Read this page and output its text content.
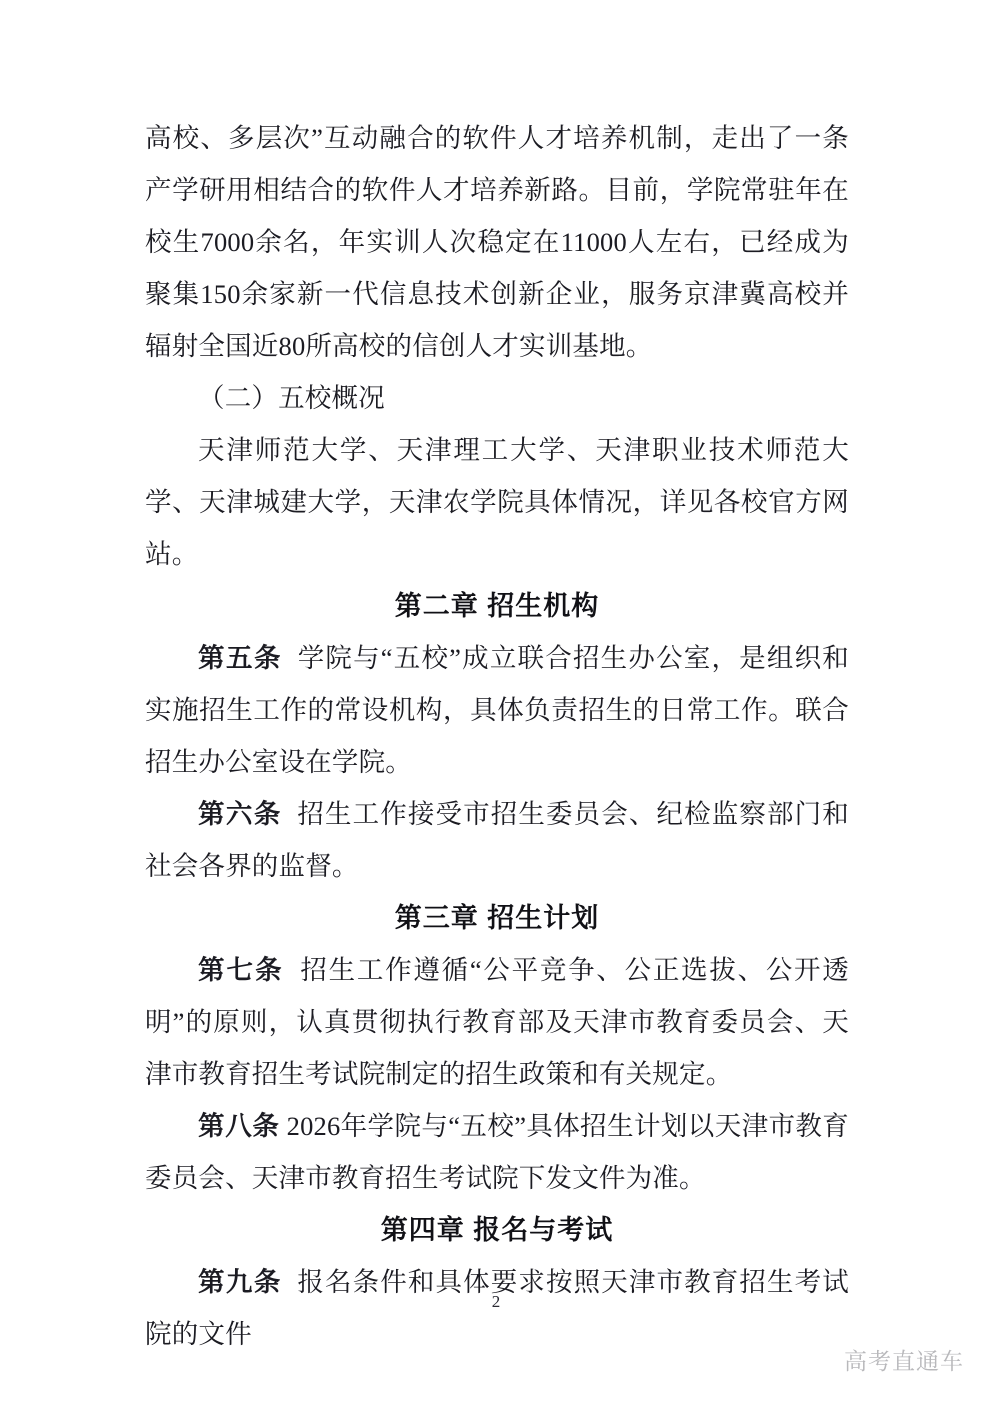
高校、多层次”互动融合的软件人才培养机制，走出了一条产学研用相结合的软件人才培养新路。目前，学院常驻年在校生7000余名，年实训人次稳定在11000人左右，已经成为聚集150余家新一代信息技术创新企业，服务京津冀高校并辐射全国近80所高校的信创人才实训基地。

（二）五校概况

天津师范大学、天津理工大学、天津职业技术师范大学、天津城建大学，天津农学院具体情况，详见各校官方网站。

第二章 招生机构

第五条 学院与“五校”成立联合招生办公室，是组织和实施招生工作的常设机构，具体负责招生的日常工作。联合招生办公室设在学院。

第六条 招生工作接受市招生委员会、纪检监察部门和社会各界的监督。

第三章 招生计划

第七条 招生工作遵循“公平竞争、公正选拔、公开透明”的原则，认真贯彻执行教育部及天津市教育委员会、天津市教育招生考试院制定的招生政策和有关规定。

第八条 2026年学院与“五校”具体招生计划以天津市教育委员会、天津市教育招生考试院下发文件为准。

第四章 报名与考试

第九条 报名条件和具体要求按照天津市教育招生考试院的文件

2
高考直通车
